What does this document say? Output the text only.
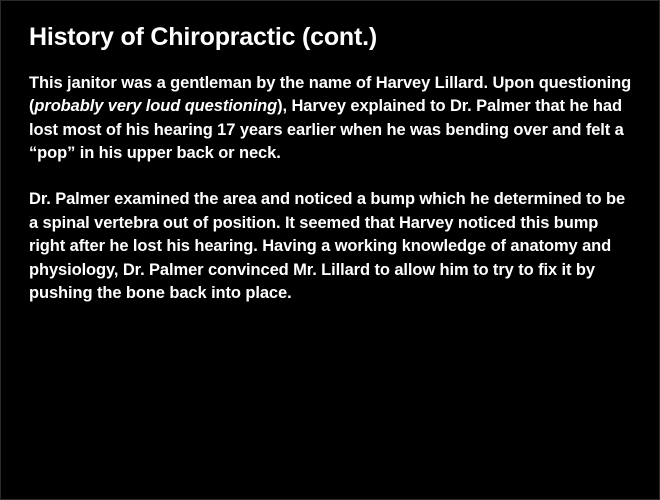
History of Chiropractic (cont.)

This janitor was a gentleman by the name of Harvey Lillard. Upon questioning (probably very loud questioning), Harvey explained to Dr. Palmer that he had lost most of his hearing 17 years earlier when he was bending over and felt a “pop” in his upper back or neck.

Dr. Palmer examined the area and noticed a bump which he determined to be a spinal vertebra out of position. It seemed that Harvey noticed this bump right after he lost his hearing. Having a working knowledge of anatomy and physiology, Dr. Palmer convinced Mr. Lillard to allow him to try to fix it by pushing the bone back into place.
